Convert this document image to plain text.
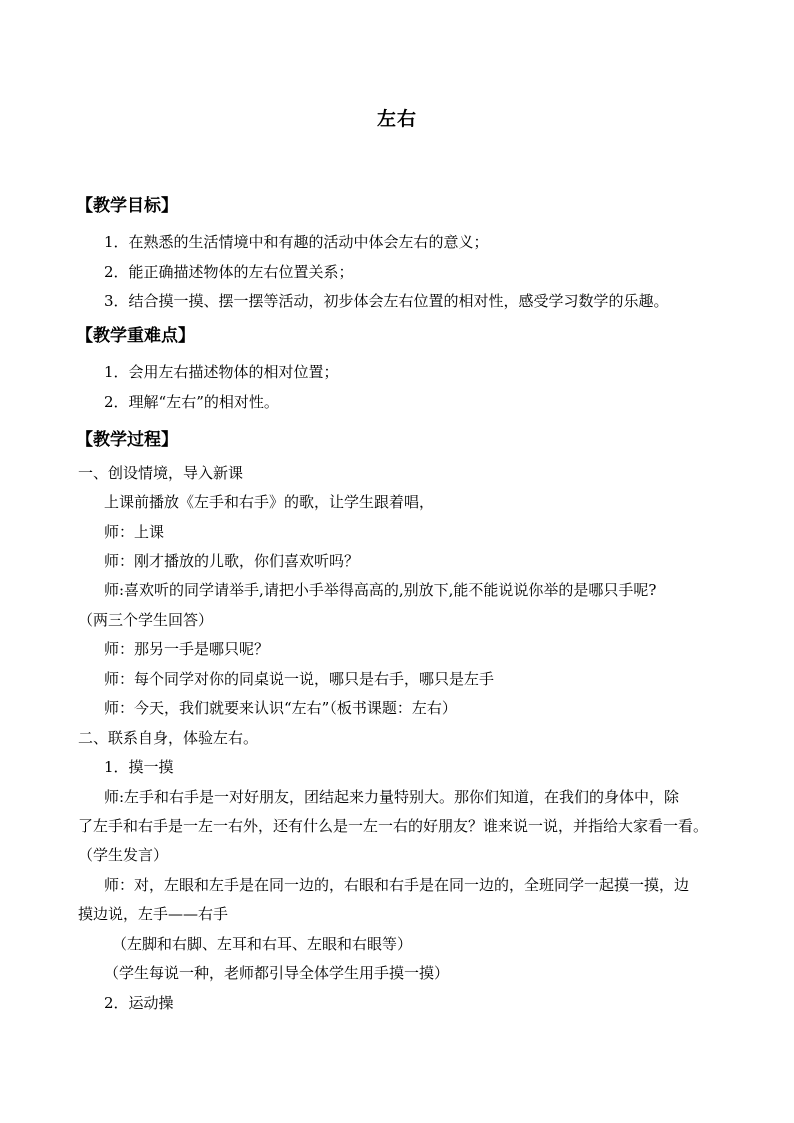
左右
【教学目标】
1．在熟悉的生活情境中和有趣的活动中体会左右的意义；
2．能正确描述物体的左右位置关系；
3．结合摸一摸、摆一摆等活动，初步体会左右位置的相对性，感受学习数学的乐趣。
【教学重难点】
1．会用左右描述物体的相对位置；
2．理解“左右”的相对性。
【教学过程】
一、创设情境，导入新课
上课前播放《左手和右手》的歌，让学生跟着唱，
师：上课
师：刚才播放的儿歌，你们喜欢听吗？
师:喜欢听的同学请举手,请把小手举得高高的,别放下,能不能说说你举的是哪只手呢?
（两三个学生回答）
师：那另一手是哪只呢？
师：每个同学对你的同桌说一说，哪只是右手，哪只是左手
师：今天，我们就要来认识“左右”（板书课题：左右）
二、联系自身，体验左右。
1．摸一摸
师:左手和右手是一对好朋友，团结起来力量特别大。那你们知道，在我们的身体中，除
了左手和右手是一左一右外，还有什么是一左一右的好朋友？谁来说一说，并指给大家看一看。
（学生发言）
师：对，左眼和左手是在同一边的，右眼和右手是在同一边的，全班同学一起摸一摸，边
摸边说，左手——右手
（左脚和右脚、左耳和右耳、左眼和右眼等）
（学生每说一种，老师都引导全体学生用手摸一摸）
2．运动操
